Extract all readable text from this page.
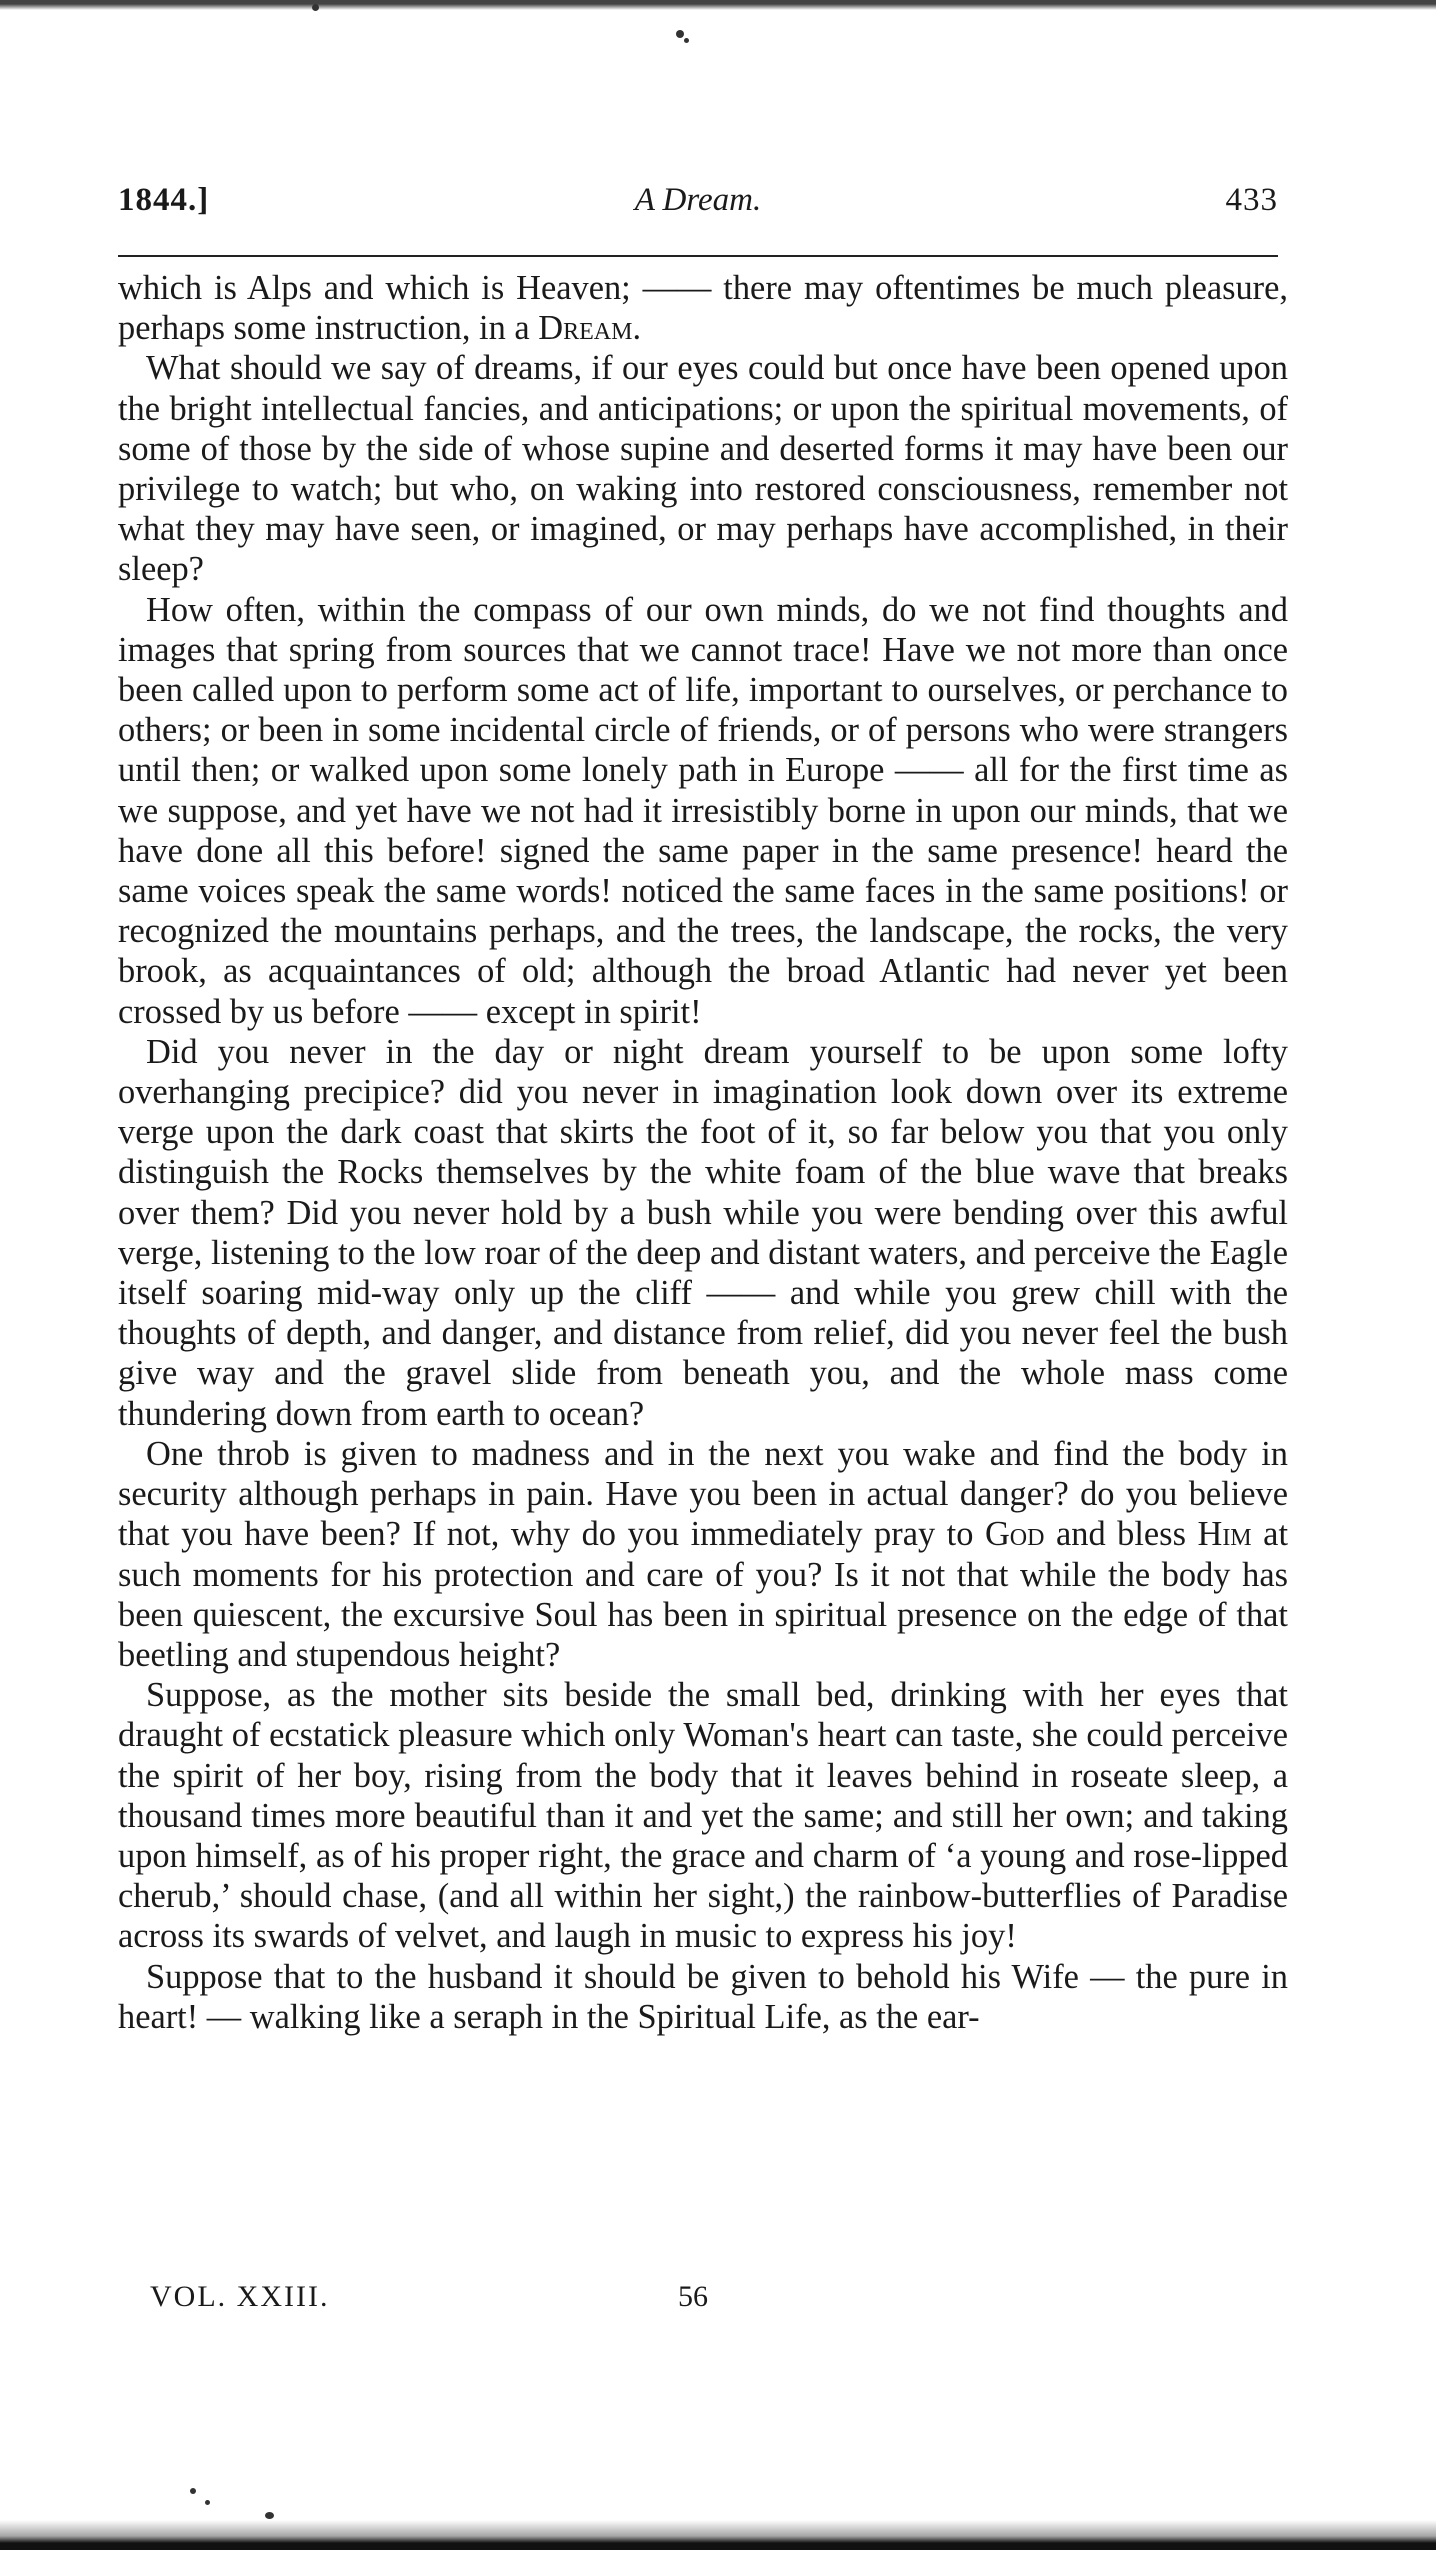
1844.]	A Dream.	433

which is Alps and which is Heaven; —— there may oftentimes be much pleasure, perhaps some instruction, in a Dream.

What should we say of dreams, if our eyes could but once have been opened upon the bright intellectual fancies, and anticipations; or upon the spiritual movements, of some of those by the side of whose supine and deserted forms it may have been our privilege to watch; but who, on waking into restored consciousness, remember not what they may have seen, or imagined, or may perhaps have accomplished, in their sleep?

How often, within the compass of our own minds, do we not find thoughts and images that spring from sources that we cannot trace! Have we not more than once been called upon to perform some act of life, important to ourselves, or perchance to others; or been in some incidental circle of friends, or of persons who were strangers until then; or walked upon some lonely path in Europe —— all for the first time as we suppose, and yet have we not had it irresistibly borne in upon our minds, that we have done all this before! signed the same paper in the same presence! heard the same voices speak the same words! noticed the same faces in the same positions! or recognized the mountains perhaps, and the trees, the landscape, the rocks, the very brook, as acquaintances of old; although the broad Atlantic had never yet been crossed by us before —— except in spirit!

Did you never in the day or night dream yourself to be upon some lofty overhanging precipice? did you never in imagination look down over its extreme verge upon the dark coast that skirts the foot of it, so far below you that you only distinguish the Rocks themselves by the white foam of the blue wave that breaks over them? Did you never hold by a bush while you were bending over this awful verge, listening to the low roar of the deep and distant waters, and perceive the Eagle itself soaring mid-way only up the cliff —— and while you grew chill with the thoughts of depth, and danger, and distance from relief, did you never feel the bush give way and the gravel slide from beneath you, and the whole mass come thundering down from earth to ocean?

One throb is given to madness and in the next you wake and find the body in security although perhaps in pain. Have you been in actual danger? do you believe that you have been? If not, why do you immediately pray to God and bless Him at such moments for his protection and care of you? Is it not that while the body has been quiescent, the excursive Soul has been in spiritual presence on the edge of that beetling and stupendous height?

Suppose, as the mother sits beside the small bed, drinking with her eyes that draught of ecstatick pleasure which only Woman's heart can taste, she could perceive the spirit of her boy, rising from the body that it leaves behind in roseate sleep, a thousand times more beautiful than it and yet the same; and still her own; and taking upon himself, as of his proper right, the grace and charm of ‘a young and rose-lipped cherub,’ should chase, (and all within her sight,) the rainbow-butterflies of Paradise across its swards of velvet, and laugh in music to express his joy!

Suppose that to the husband it should be given to behold his Wife — the pure in heart! — walking like a seraph in the Spiritual Life, as the ear-

VOL. XXIII.	56
